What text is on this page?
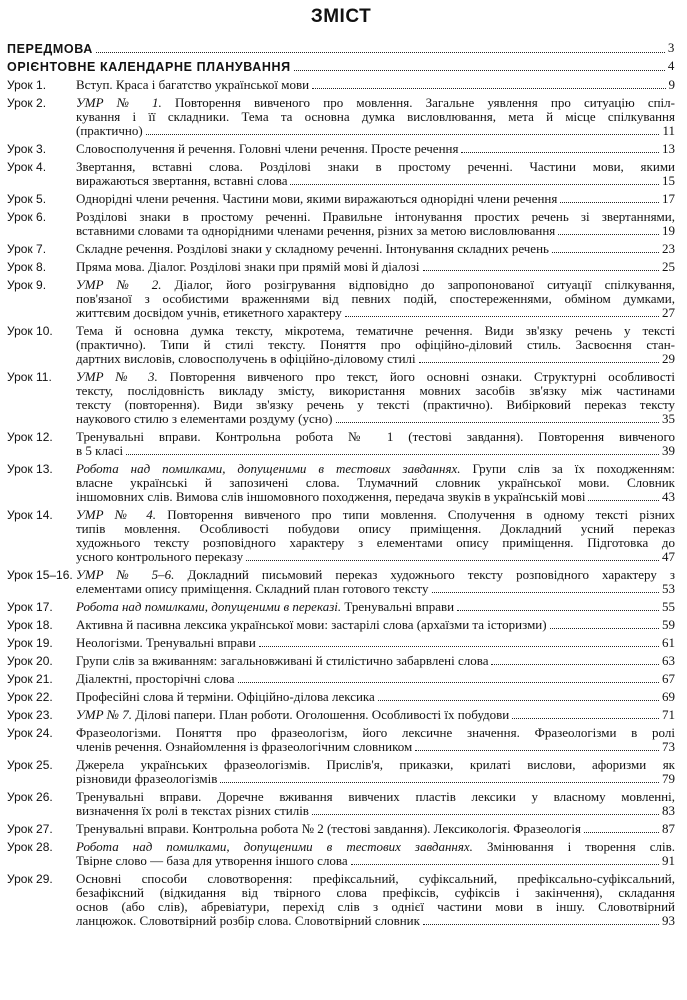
ЗМІСТ
ПЕРЕДМОВА	3
ОРІЄНТОВНЕ КАЛЕНДАРНЕ ПЛАНУВАННЯ	4
Урок 1.	Вступ. Краса і багатство української мови	9
Урок 2.	УМР № 1. Повторення вивченого про мовлення. Загальне уявлення про ситуацію спіл-
кування і її складники. Тема та основна думка висловлювання, мета й місце спілкування
(практично)	11
Урок 3.	Словосполучення й речення. Головні члени речення. Просте речення	13
Урок 4.	Звертання, вставні слова. Розділові знаки в простому реченні. Частини мови, якими
виражаються звертання, вставні слова	15
Урок 5.	Однорідні члени речення. Частини мови, якими виражаються однорідні члени речення	17
Урок 6.	Розділові знаки в простому реченні. Правильне інтонування простих речень зі звертаннями,
вставними словами та однорідними членами речення, різних за метою висловлювання	19
Урок 7.	Складне речення. Розділові знаки у складному реченні. Інтонування складних речень	23
Урок 8.	Пряма мова. Діалог. Розділові знаки при прямій мові й діалозі	25
Урок 9.	УМР № 2. Діалог, його розігрування відповідно до запропонованої ситуації спілкування,
пов'язаної з особистими враженнями від певних подій, спостереженнями, обміном думками,
життєвим досвідом учнів, етикетного характеру	27
Урок 10.	Тема й основна думка тексту, мікротема, тематичне речення. Види зв'язку речень у тексті
(практично). Типи й стилі тексту. Поняття про офіційно-діловий стиль. Засвоєння стан-
дартних висловів, словосполучень в офіційно-діловому стилі	29
Урок 11.	УМР № 3. Повторення вивченого про текст, його основні ознаки. Структурні особливості
тексту, послідовність викладу змісту, використання мовних засобів зв'язку між частинами
тексту (повторення). Види зв'язку речень у тексті (практично). Вибірковий переказ тексту
наукового стилю з елементами роздуму (усно)	35
Урок 12.	Тренувальні вправи. Контрольна робота № 1 (тестові завдання). Повторення вивченого
в 5 класі	39
Урок 13.	Робота над помилками, допущеними в тестових завданнях. Групи слів за їх походженням:
власне українські й запозичені слова. Тлумачний словник української мови. Словник
іншомовних слів. Вимова слів іншомовного походження, передача звуків в українській мові	43
Урок 14.	УМР № 4. Повторення вивченого про типи мовлення. Сполучення в одному тексті різних
типів мовлення. Особливості побудови опису приміщення. Докладний усний переказ
художнього тексту розповідного характеру з елементами опису приміщення. Підготовка до
усного контрольного переказу	47
Урок 15–16. УМР № 5–6. Докладний письмовий переказ художнього тексту розповідного характеру з
елементами опису приміщення. Складний план готового тексту	53
Урок 17.	Робота над помилками, допущеними в переказі. Тренувальні вправи	55
Урок 18.	Активна й пасивна лексика української мови: застарілі слова (архаїзми та історизми)	59
Урок 19.	Неологізми. Тренувальні вправи	61
Урок 20.	Групи слів за вживанням: загальновживані й стилістично забарвлені слова	63
Урок 21.	Діалектні, просторічні слова	67
Урок 22.	Професійні слова й терміни. Офіційно-ділова лексика	69
Урок 23.	УМР № 7. Ділові папери. План роботи. Оголошення. Особливості їх побудови	71
Урок 24.	Фразеологізми. Поняття про фразеологізм, його лексичне значення. Фразеологізми в ролі
членів речення. Ознайомлення із фразеологічним словником	73
Урок 25.	Джерела українських фразеологізмів. Прислів'я, приказки, крилаті вислови, афоризми як
різновиди фразеологізмів	79
Урок 26.	Тренувальні вправи. Доречне вживання вивчених пластів лексики у власному мовленні,
визначення їх ролі в текстах різних стилів	83
Урок 27.	Тренувальні вправи. Контрольна робота № 2 (тестові завдання). Лексикологія. Фразеологія	87
Урок 28.	Робота над помилками, допущеними в тестових завданнях. Змінювання і творення слів.
Твірне слово — база для утворення іншого слова	91
Урок 29.	Основні способи словотворення: префіксальний, суфіксальний, префіксально-суфіксальний,
безафіксний (відкидання від твірного слова префіксів, суфіксів і закінчення), складання
основ (або слів), абревіатури, перехід слів з однієї частини мови в іншу. Словотвірний
ланцюжок. Словотвірний розбір слова. Словотвірний словник	93
